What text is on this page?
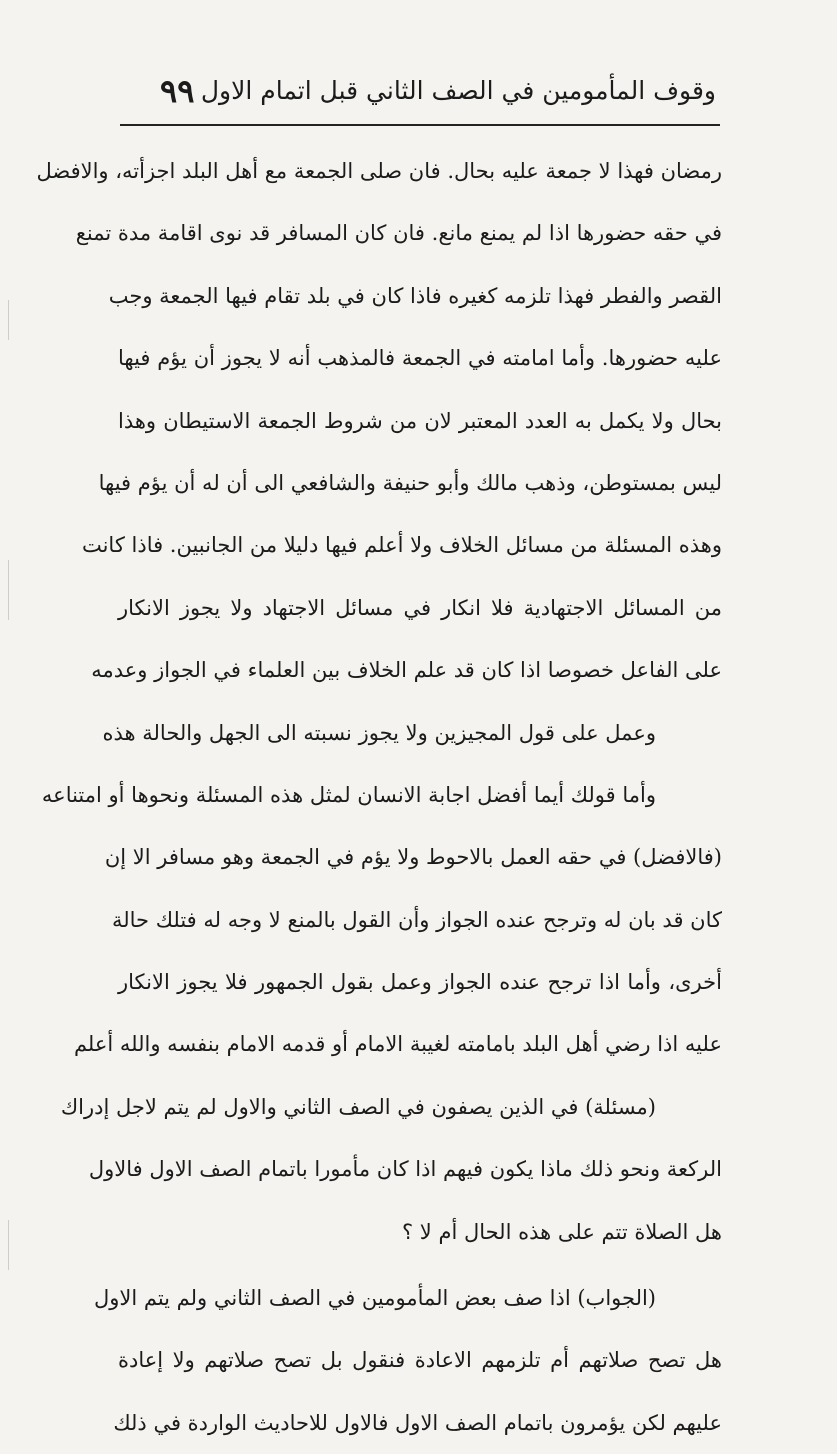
وقوف المأمومين في الصف الثاني قبل اتمام الاول
٩٩
رمضان فهذا لا جمعة عليه بحال. فان صلى الجمعة مع أهل البلد اجزأته، والافضل
في حقه حضورها اذا لم يمنع مانع. فان كان المسافر قد نوى اقامة مدة تمنع
القصر والفطر فهذا تلزمه كغيره فاذا كان في بلد تقام فيها الجمعة وجب
عليه حضورها. وأما امامته في الجمعة فالمذهب أنه لا يجوز أن يؤم فيها
بحال ولا يكمل به العدد المعتبر لان من شروط الجمعة الاستيطان وهذا
ليس بمستوطن، وذهب مالك وأبو حنيفة والشافعي الى أن له أن يؤم فيها
وهذه المسئلة من مسائل الخلاف ولا أعلم فيها دليلا من الجانبين. فاذا كانت
من المسائل الاجتهادية فلا انكار في مسائل الاجتهاد ولا يجوز الانكار
على الفاعل خصوصا اذا كان قد علم الخلاف بين العلماء في الجواز وعدمه
وعمل على قول المجيزين ولا يجوز نسبته الى الجهل والحالة هذه
وأما قولك أيما أفضل اجابة الانسان لمثل هذه المسئلة ونحوها أو امتناعه
(فالافضل) في حقه العمل بالاحوط ولا يؤم في الجمعة وهو مسافر الا إن
كان قد بان له وترجح عنده الجواز وأن القول بالمنع لا وجه له فتلك حالة
أخرى، وأما اذا ترجح عنده الجواز وعمل بقول الجمهور فلا يجوز الانكار
عليه اذا رضي أهل البلد بامامته لغيبة الامام أو قدمه الامام بنفسه والله أعلم
(مسئلة) في الذين يصفون في الصف الثاني والاول لم يتم لاجل إدراك
الركعة ونحو ذلك ماذا يكون فيهم اذا كان مأمورا باتمام الصف الاول فالاول
هل الصلاة تتم على هذه الحال أم لا ؟
(الجواب) اذا صف بعض المأمومين في الصف الثاني ولم يتم الاول
هل تصح صلاتهم أم تلزمهم الاعادة فنقول بل تصح صلاتهم ولا إعادة
عليهم لكن يؤمرون باتمام الصف الاول فالاول للاحاديث الواردة في ذلك
